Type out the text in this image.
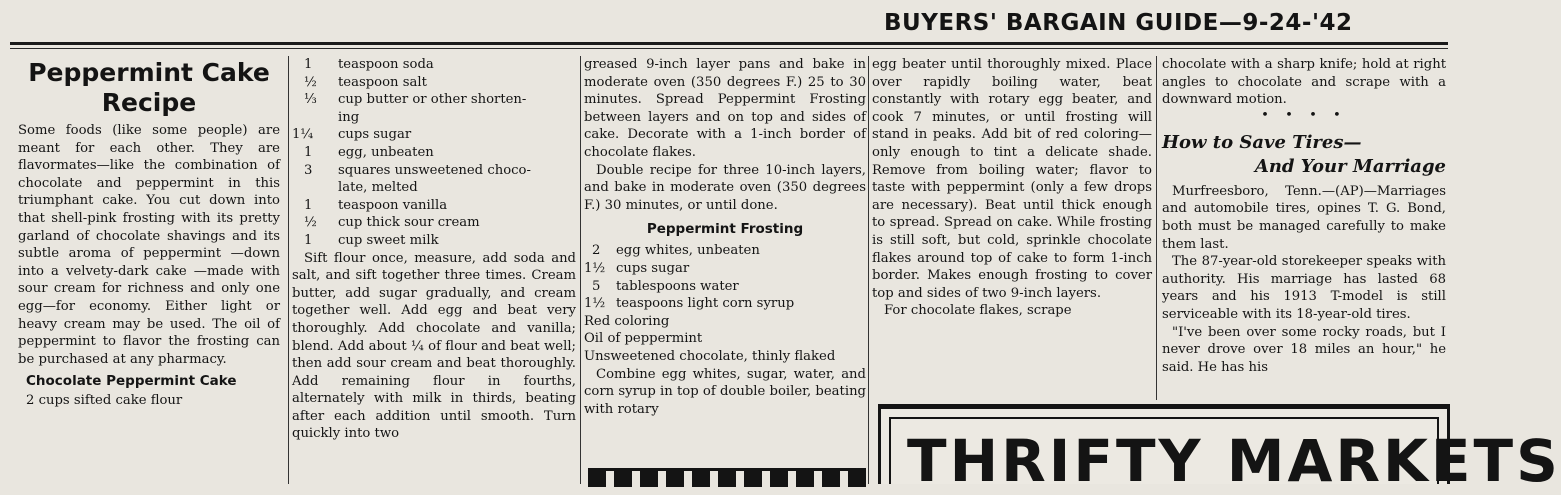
BUYERS' BARGAIN GUIDE—9-24-'42
Peppermint Cake Recipe

Some foods (like some people) are meant for each other. They are flavormates—like the combination of chocolate and peppermint in this triumphant cake. You cut down into that shell-pink frosting with its pretty garland of chocolate shavings and its subtle aroma of peppermint —down into a velvety-dark cake —made with sour cream for richness and only one egg—for economy. Either light or heavy cream may be used. The oil of peppermint to flavor the frosting can be purchased at any pharmacy.

Chocolate Peppermint Cake

2 cups sifted cake flour

1	teaspoon soda
½	teaspoon salt
⅓	cup butter or other shorten-
ing
1¼	cups sugar
1	egg, unbeaten
3	squares unsweetened choco-
late, melted
1	teaspoon vanilla
½	cup thick sour cream
1	cup sweet milk

Sift flour once, measure, add soda and salt, and sift together three times. Cream butter, add sugar gradually, and cream together well. Add egg and beat very thoroughly. Add chocolate and vanilla; blend. Add about ¼ of flour and beat well; then add sour cream and beat thoroughly. Add remaining flour in fourths, alternately with milk in thirds, beating after each addition until smooth. Turn quickly into two

greased 9-inch layer pans and bake in moderate oven (350 degrees F.) 25 to 30 minutes. Spread Peppermint Frosting between layers and on top and sides of cake. Decorate with a 1-inch border of chocolate flakes.

Double recipe for three 10-inch layers, and bake in moderate oven (350 degrees F.) 30 minutes, or until done.

Peppermint Frosting
2	egg whites, unbeaten
1½ cups sugar
5	tablespoons water
1½ teaspoons light corn syrup

Red coloring

Oil of peppermint

Unsweetened chocolate, thinly flaked

Combine egg whites, sugar, water, and corn syrup in top of double boiler, beating with rotary

egg beater until thoroughly mixed. Place over rapidly boiling water, beat constantly with rotary egg beater, and cook 7 minutes, or until frosting will stand in peaks. Add bit of red coloring—only enough to tint a delicate shade. Remove from boiling water; flavor to taste with peppermint (only a few drops are necessary). Beat until thick enough to spread. Spread on cake. While frosting is still soft, but cold, sprinkle chocolate flakes around top of cake to form 1-inch border. Makes enough frosting to cover top and sides of two 9-inch layers.

For chocolate flakes, scrape

chocolate with a sharp knife; hold at right angles to chocolate and scrape with a downward motion.

• • • •
How to Save Tires—
And Your Marriage

Murfreesboro, Tenn.—(AP)—Marriages and automobile tires, opines T. G. Bond, both must be managed carefully to make them last.

The 87-year-old storekeeper speaks with authority. His marriage has lasted 68 years and his 1913 T-model is still serviceable with its 18-year-old tires.

"I've been over some rocky roads, but I never drove over 18 miles an hour," he said. He has his

THRIFTY MARKETS
